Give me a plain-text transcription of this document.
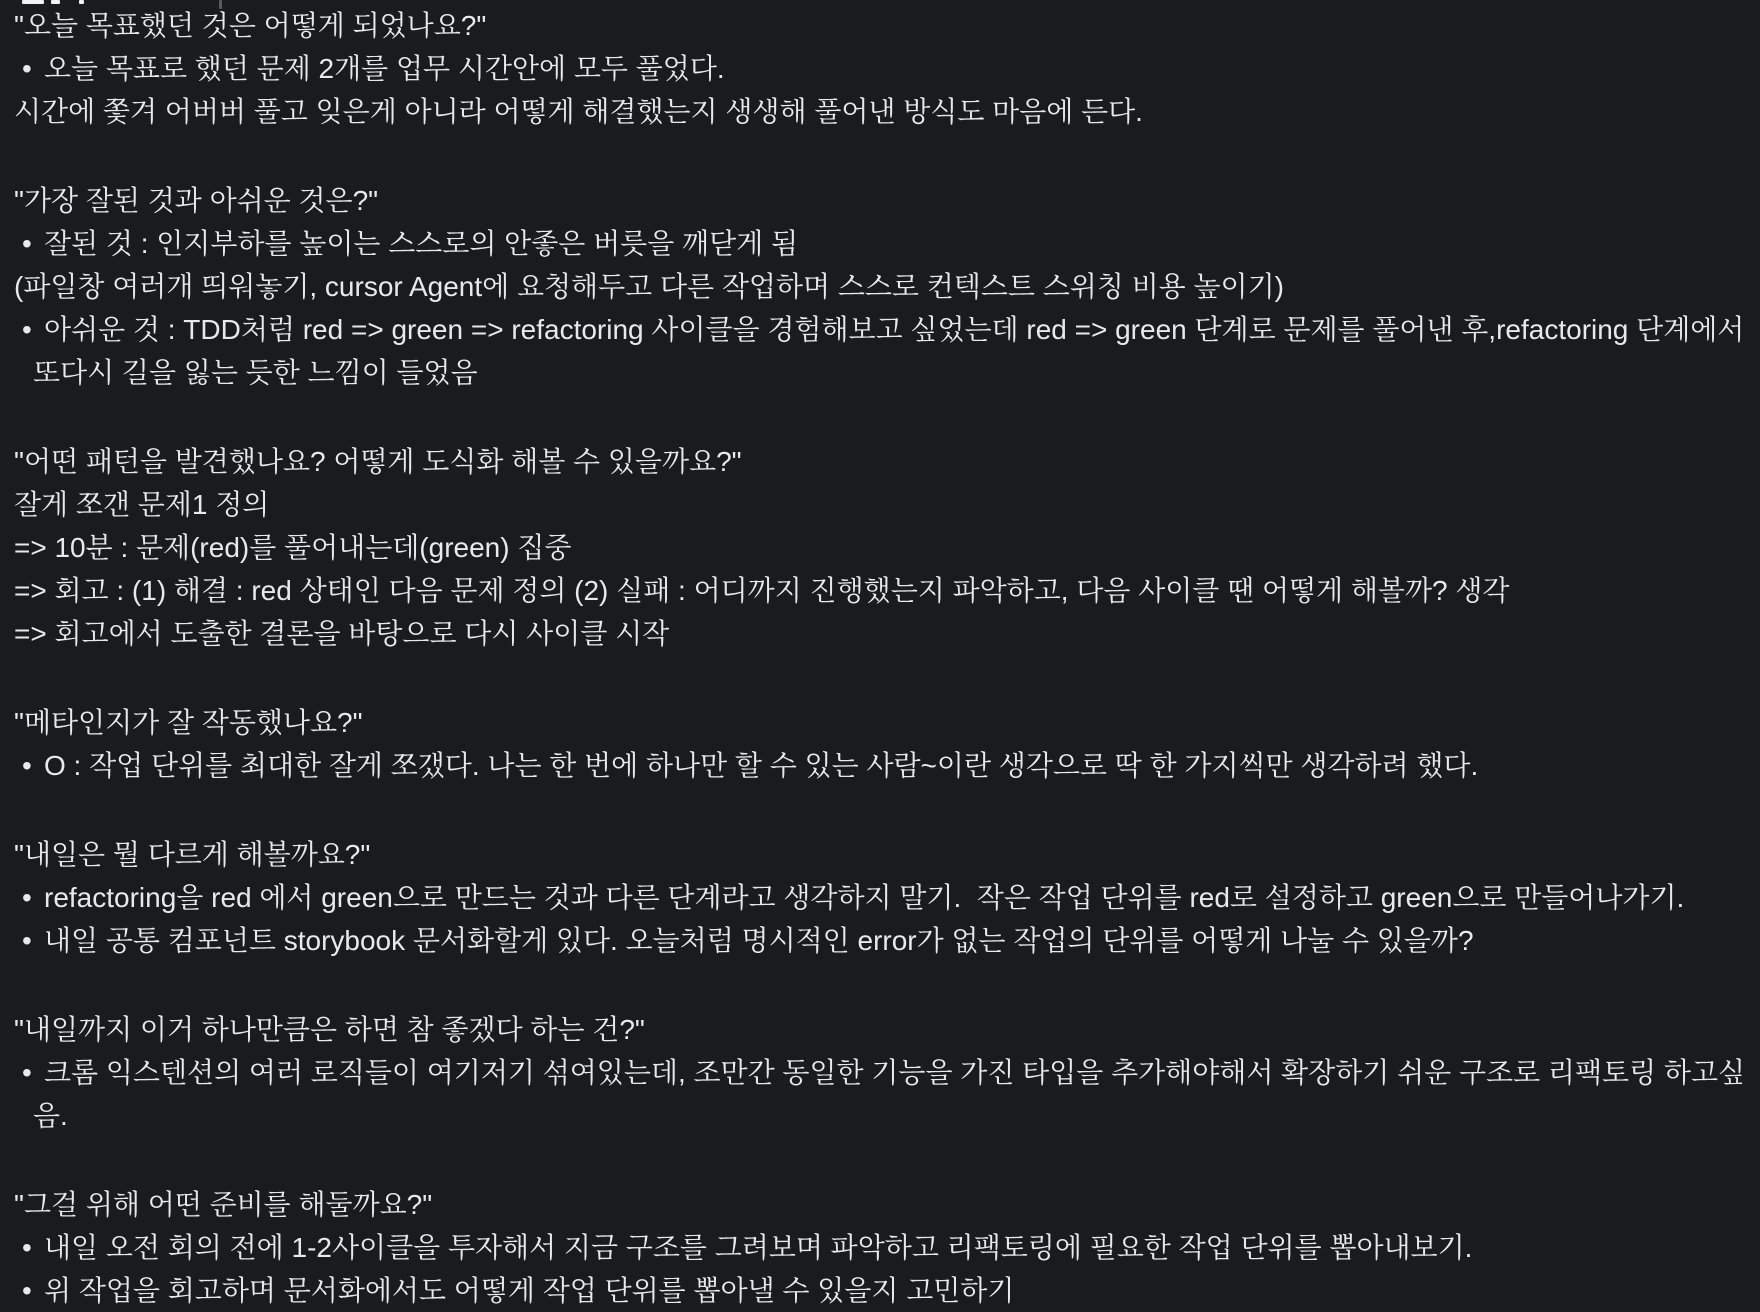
"오늘 목표했던 것은 어떻게 되었나요?"
• 오늘 목표로 했던 문제 2개를 업무 시간안에 모두 풀었다.
시간에 쫓겨 어버버 풀고 잊은게 아니라 어떻게 해결했는지 생생해 풀어낸 방식도 마음에 든다.
"가장 잘된 것과 아쉬운 것은?"
• 잘된 것 : 인지부하를 높이는 스스로의 안좋은 버릇을 깨닫게 됨
(파일창 여러개 띄워놓기, cursor Agent에 요청해두고 다른 작업하며 스스로 컨텍스트 스위칭 비용 높이기)
• 아쉬운 것 : TDD처럼 red => green => refactoring 사이클을 경험해보고 싶었는데 red => green 단계로 문제를 풀어낸 후,refactoring 단계에서 또다시 길을 잃는 듯한 느낌이 들었음
"어떤 패턴을 발견했나요? 어떻게 도식화 해볼 수 있을까요?"
잘게 쪼갠 문제1 정의
=> 10분 : 문제(red)를 풀어내는데(green) 집중
=> 회고 : (1) 해결 : red 상태인 다음 문제 정의 (2) 실패 : 어디까지 진행했는지 파악하고, 다음 사이클 땐 어떻게 해볼까? 생각
=> 회고에서 도출한 결론을 바탕으로 다시 사이클 시작
"메타인지가 잘 작동했나요?"
• O : 작업 단위를 최대한 잘게 쪼갰다. 나는 한 번에 하나만 할 수 있는 사람~이란 생각으로 딱 한 가지씩만 생각하려 했다.
"내일은 뭘 다르게 해볼까요?"
• refactoring을 red 에서 green으로 만드는 것과 다른 단계라고 생각하지 말기.  작은 작업 단위를 red로 설정하고 green으로 만들어나가기.
• 내일 공통 컴포넌트 storybook 문서화할게 있다. 오늘처럼 명시적인 error가 없는 작업의 단위를 어떻게 나눌 수 있을까?
"내일까지 이거 하나만큼은 하면 참 좋겠다 하는 건?"
• 크롬 익스텐션의 여러 로직들이 여기저기 섞여있는데, 조만간 동일한 기능을 가진 타입을 추가해야해서 확장하기 쉬운 구조로 리팩토링 하고싶음.
"그걸 위해 어떤 준비를 해둘까요?"
• 내일 오전 회의 전에 1-2사이클을 투자해서 지금 구조를 그려보며 파악하고 리팩토링에 필요한 작업 단위를 뽑아내보기.
• 위 작업을 회고하며 문서화에서도 어떻게 작업 단위를 뽑아낼 수 있을지 고민하기
